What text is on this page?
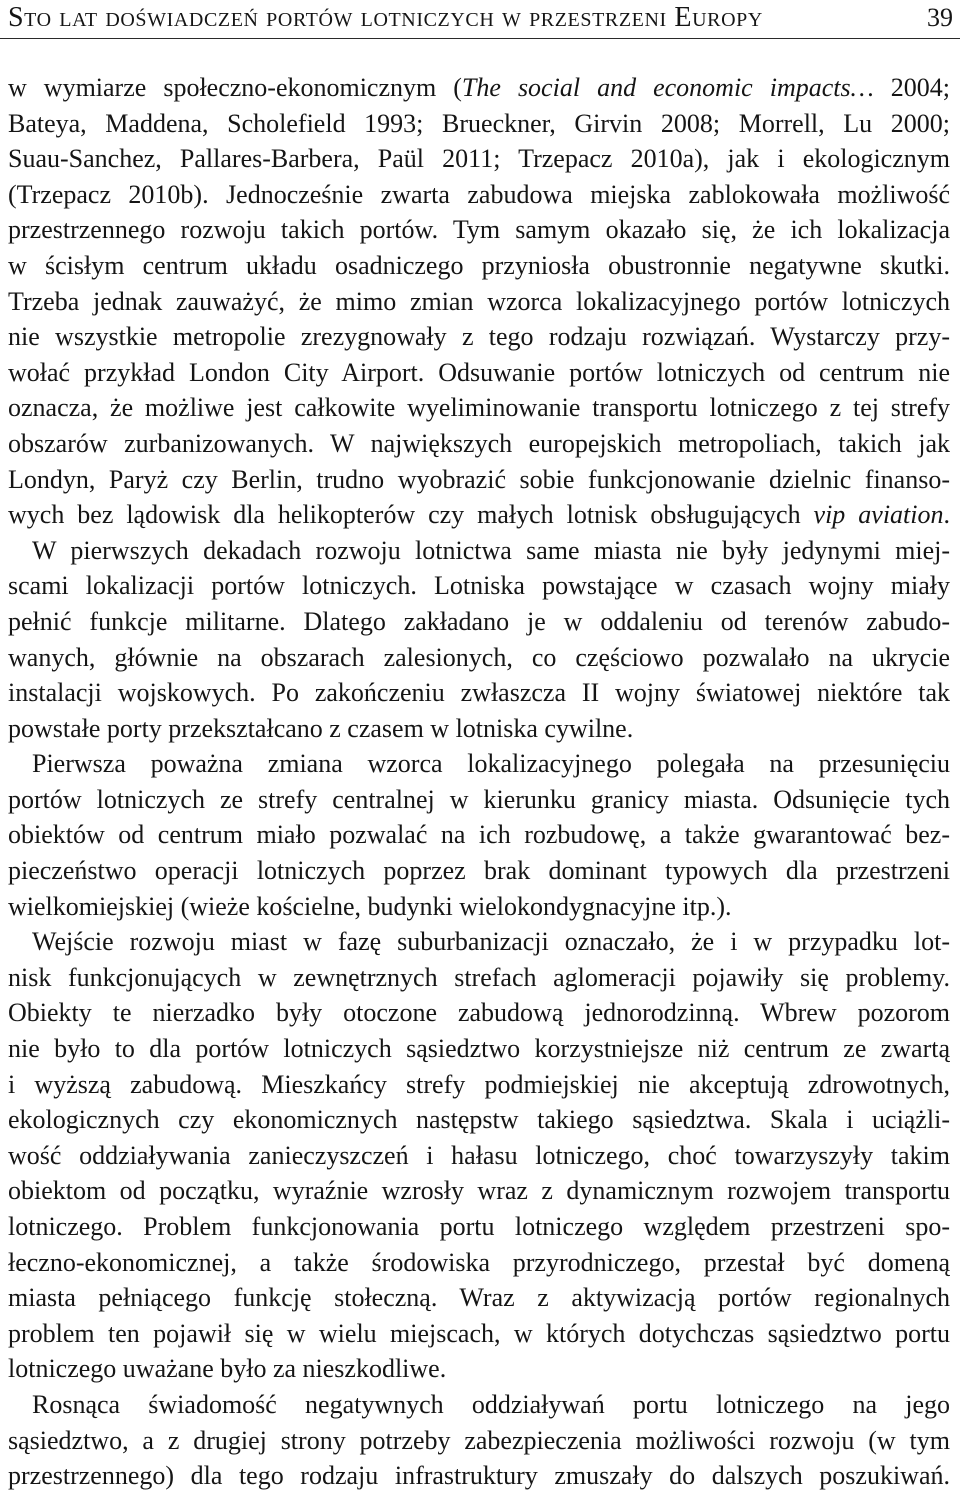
Sto lat doświadczeń portów lotniczych w przestrzeni Europy	39
w wymiarze społeczno-ekonomicznym (The social and economic impacts… 2004;
Bateya, Maddena, Scholefield 1993; Brueckner, Girvin 2008; Morrell, Lu 2000;
Suau-Sanchez, Pallares-Barbera, Paül 2011; Trzepacz 2010a), jak i ekologicznym
(Trzepacz 2010b). Jednocześnie zwarta zabudowa miejska zablokowała możliwość
przestrzennego rozwoju takich portów. Tym samym okazało się, że ich lokalizacja
w ścisłym centrum układu osadniczego przyniosła obustronnie negatywne skutki.
Trzeba jednak zauważyć, że mimo zmian wzorca lokalizacyjnego portów lotniczych
nie wszystkie metropolie zrezygnowały z tego rodzaju rozwiązań. Wystarczy przy-
wołać przykład London City Airport. Odsuwanie portów lotniczych od centrum nie
oznacza, że możliwe jest całkowite wyeliminowanie transportu lotniczego z tej strefy
obszarów zurbanizowanych. W największych europejskich metropoliach, takich jak
Londyn, Paryż czy Berlin, trudno wyobrazić sobie funkcjonowanie dzielnic finanso-
wych bez lądowisk dla helikopterów czy małych lotnisk obsługujących vip aviation.
W pierwszych dekadach rozwoju lotnictwa same miasta nie były jedynymi miej-
scami lokalizacji portów lotniczych. Lotniska powstające w czasach wojny miały
pełnić funkcje militarne. Dlatego zakładano je w oddaleniu od terenów zabudo-
wanych, głównie na obszarach zalesionych, co częściowo pozwalało na ukrycie
instalacji wojskowych. Po zakończeniu zwłaszcza II wojny światowej niektóre tak
powstałe porty przekształcano z czasem w lotniska cywilne.
Pierwsza poważna zmiana wzorca lokalizacyjnego polegała na przesunięciu
portów lotniczych ze strefy centralnej w kierunku granicy miasta. Odsunięcie tych
obiektów od centrum miało pozwalać na ich rozbudowę, a także gwarantować bez-
pieczeństwo operacji lotniczych poprzez brak dominant typowych dla przestrzeni
wielkomiejskiej (wieże kościelne, budynki wielokondygnacyjne itp.).
Wejście rozwoju miast w fazę suburbanizacji oznaczało, że i w przypadku lot-
nisk funkcjonujących w zewnętrznych strefach aglomeracji pojawiły się problemy.
Obiekty te nierzadko były otoczone zabudową jednorodzinną. Wbrew pozorom
nie było to dla portów lotniczych sąsiedztwo korzystniejsze niż centrum ze zwartą
i wyższą zabudową. Mieszkańcy strefy podmiejskiej nie akceptują zdrowotnych,
ekologicznych czy ekonomicznych następstw takiego sąsiedztwa. Skala i uciążli-
wość oddziaływania zanieczyszczeń i hałasu lotniczego, choć towarzyszyły takim
obiektom od początku, wyraźnie wzrosły wraz z dynamicznym rozwojem transportu
lotniczego. Problem funkcjonowania portu lotniczego względem przestrzeni spo-
łeczno-ekonomicznej, a także środowiska przyrodniczego, przestał być domeną
miasta pełniącego funkcję stołeczną. Wraz z aktywizacją portów regionalnych
problem ten pojawił się w wielu miejscach, w których dotychczas sąsiedztwo portu
lotniczego uważane było za nieszkodliwe.
Rosnąca świadomość negatywnych oddziaływań portu lotniczego na jego
sąsiedztwo, a z drugiej strony potrzeby zabezpieczenia możliwości rozwoju (w tym
przestrzennego) dla tego rodzaju infrastruktury zmuszały do dalszych poszukiwań.
